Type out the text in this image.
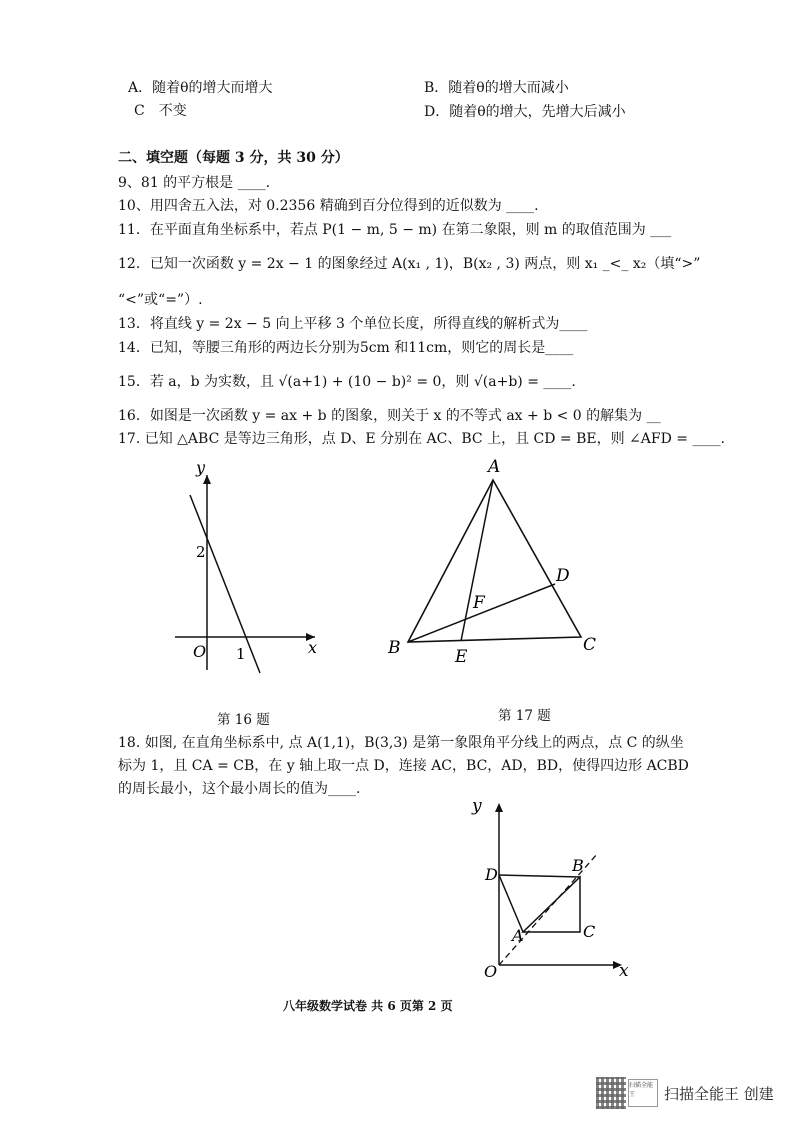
A．随着θ的增大而增大	B．随着θ的增大而减小
C　不变	D．随着θ的增大，先增大后减小
二、填空题（每题 3 分，共 30 分）
9、81 的平方根是 ____.
10、用四舍五入法，对 0.2356 精确到百分位得到的近似数为 ____.
11．在平面直角坐标系中，若点 P(1 − m, 5 − m) 在第二象限，则 m 的取值范围为 ___
12．已知一次函数 y = 2x − 1 的图象经过 A(x₁ , 1)，B(x₂ , 3) 两点，则 x₁ _<_ x₂（填“>”
“<”或“=”）.
13．将直线 y = 2x − 5 向上平移 3 个单位长度，所得直线的解析式为____
14．已知，等腰三角形的两边长分别为5cm 和11cm，则它的周长是____
15．若 a，b 为实数，且 √(a+1) + (10 − b)² = 0，则 √(a+b) = ____.
16．如图是一次函数 y = ax + b 的图象，则关于 x 的不等式 ax + b < 0 的解集为 __
17. 已知 △ABC 是等边三角形，点 D、E 分别在 AC、BC 上，且 CD = BE，则 ∠AFD = ____.
y
x
O
2
1
第 16 题
A
B	C
D
E
F
第 17 题
18. 如图, 在直角坐标系中, 点 A(1,1)，B(3,3) 是第一象限角平分线上的两点，点 C 的纵坐
标为 1，且 CA = CB，在 y 轴上取一点 D，连接 AC，BC，AD，BD，使得四边形 ACBD
的周长最小，这个最小周长的值为____.
y
x
O
D	B
A	C
八年级数学试卷 共 6 页第 2 页
扫描全能王	扫描全能王 创建
